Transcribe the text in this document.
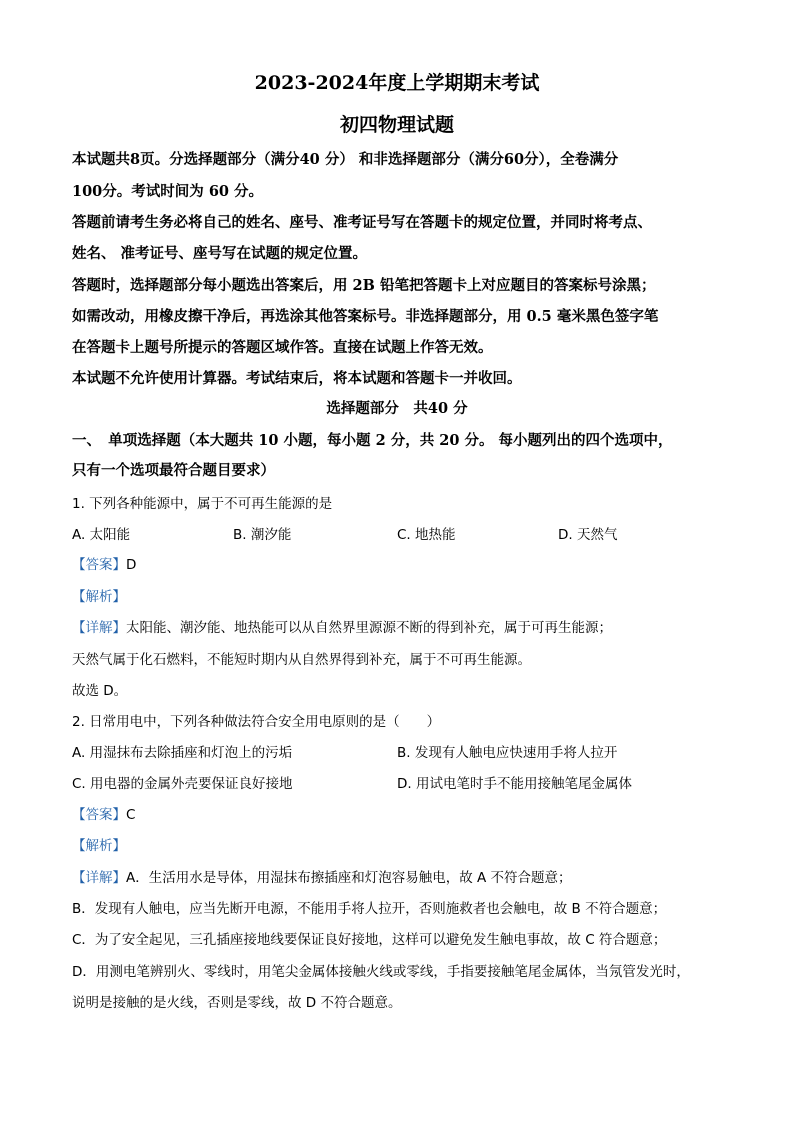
2023-2024年度上学期期末考试
初四物理试题
本试题共8页。分选择题部分（满分40 分） 和非选择题部分（满分60分），全卷满分
100分。考试时间为 60 分。
答题前请考生务必将自己的姓名、座号、准考证号写在答题卡的规定位置，并同时将考点、
姓名、 准考证号、座号写在试题的规定位置。
答题时，选择题部分每小题选出答案后，用 2B 铅笔把答题卡上对应题目的答案标号涂黑；
如需改动，用橡皮擦干净后，再选涂其他答案标号。非选择题部分，用 0.5 毫米黑色签字笔
在答题卡上题号所提示的答题区域作答。直接在试题上作答无效。
本试题不允许使用计算器。考试结束后，将本试题和答题卡一并收回。
选择题部分　共40 分
一、　单项选择题（本大题共 10 小题，每小题 2 分，共 20 分。 每小题列出的四个选项中，
只有一个选项最符合题目要求）
1. 下列各种能源中，属于不可再生能源的是
A. 太阳能	B. 潮汐能	C. 地热能	D. 天然气
【答案】D
【解析】
【详解】太阳能、潮汐能、地热能可以从自然界里源源不断的得到补充，属于可再生能源；
天然气属于化石燃料，不能短时期内从自然界得到补充，属于不可再生能源。
故选 D。
2. 日常用电中，下列各种做法符合安全用电原则的是（　　）
A. 用湿抹布去除插座和灯泡上的污垢	B. 发现有人触电应快速用手将人拉开
C. 用电器的金属外壳要保证良好接地	D. 用试电笔时手不能用接触笔尾金属体
【答案】C
【解析】
【详解】A．生活用水是导体，用湿抹布擦插座和灯泡容易触电，故 A 不符合题意；
B．发现有人触电，应当先断开电源，不能用手将人拉开，否则施救者也会触电，故 B 不符合题意；
C．为了安全起见，三孔插座接地线要保证良好接地，这样可以避免发生触电事故，故 C 符合题意；
D．用测电笔辨别火、零线时，用笔尖金属体接触火线或零线，手指要接触笔尾金属体，当氖管发光时，
说明是接触的是火线，否则是零线，故 D 不符合题意。
